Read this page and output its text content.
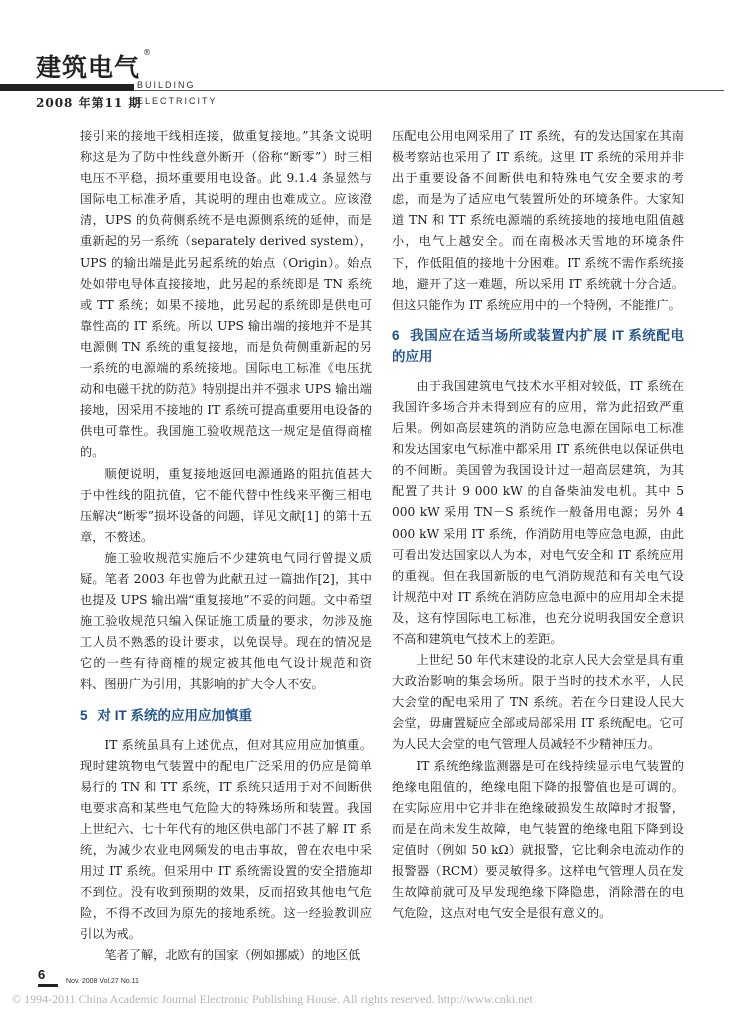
建筑电气®
BUILDING
ELECTRICITY
2008 年第11 期

接引来的接地干线相连接，做重复接地。”其条文说明称这是为了防中性线意外断开（俗称“断零”）时三相电压不平稳，损坏重要用电设备。此 9.1.4 条显然与国际电工标准矛盾，其说明的理由也难成立。应该澄清，UPS 的负荷侧系统不是电源侧系统的延伸，而是重新起的另一系统（separately derived system），UPS 的输出端是此另起系统的始点（Origin）。始点处如带电导体直接接地，此另起的系统即是 TN 系统或 TT 系统；如果不接地，此另起的系统即是供电可靠性高的 IT 系统。所以 UPS 输出端的接地并不是其电源侧 TN 系统的重复接地，而是负荷侧重新起的另一系统的电源端的系统接地。国际电工标准《电压扰动和电磁干扰的防范》特别提出并不强求 UPS 输出端接地，因采用不接地的 IT 系统可提高重要用电设备的供电可靠性。我国施工验收规范这一规定是值得商榷的。

顺便说明，重复接地返回电源通路的阻抗值甚大于中性线的阻抗值，它不能代替中性线来平衡三相电压解决“断零”损坏设备的问题，详见文献[1] 的第十五章，不赘述。

施工验收规范实施后不少建筑电气同行曾提义质疑。笔者 2003 年也曾为此献丑过一篇拙作[2]，其中也提及 UPS 输出端“重复接地”不妥的问题。文中希望施工验收规范只编入保证施工质量的要求，勿涉及施工人员不熟悉的设计要求，以免误导。现在的情况是它的一些有待商榷的规定被其他电气设计规范和资料、图册广为引用，其影响的扩大令人不安。

5 对 IT 系统的应用应加慎重

IT 系统虽具有上述优点，但对其应用应加慎重。现时建筑物电气装置中的配电广泛采用的仍应是简单易行的 TN 和 TT 系统，IT 系统只适用于对不间断供电要求高和某些电气危险大的特殊场所和装置。我国上世纪六、七十年代有的地区供电部门不甚了解 IT 系统，为减少农业电网频发的电击事故，曾在农电中采用过 IT 系统。但采用中 IT 系统需设置的安全措施却不到位。没有收到预期的效果，反而招致其他电气危险，不得不改回为原先的接地系统。这一经验教训应引以为戒。

笔者了解，北欧有的国家（例如挪威）的地区低

压配电公用电网采用了 IT 系统，有的发达国家在其南极考察站也采用了 IT 系统。这里 IT 系统的采用并非出于重要设备不间断供电和特殊电气安全要求的考虑，而是为了适应电气装置所处的环境条件。大家知道 TN 和 TT 系统电源端的系统接地的接地电阻值越小，电气上越安全。而在南极冰天雪地的环境条件下，作低阻值的接地十分困难。IT 系统不需作系统接地，避开了这一难题，所以采用 IT 系统就十分合适。但这只能作为 IT 系统应用中的一个特例，不能推广。

6 我国应在适当场所或装置内扩展 IT 系统配电的应用

由于我国建筑电气技术水平相对较低，IT 系统在我国许多场合并未得到应有的应用，常为此招致严重后果。例如高层建筑的消防应急电源在国际电工标准和发达国家电气标准中都采用 IT 系统供电以保证供电的不间断。美国曾为我国设计过一超高层建筑，为其配置了共计 9 000 kW 的自备柴油发电机。其中 5 000 kW 采用 TN－S 系统作一般备用电源；另外 4 000 kW 采用 IT 系统，作消防用电等应急电源，由此可看出发达国家以人为本，对电气安全和 IT 系统应用的重视。但在我国新版的电气消防规范和有关电气设计规范中对 IT 系统在消防应急电源中的应用却全未提及，这有悖国际电工标准，也充分说明我国安全意识不高和建筑电气技术上的差距。

上世纪 50 年代末建设的北京人民大会堂是具有重大政治影响的集会场所。限于当时的技术水平，人民大会堂的配电采用了 TN 系统。若在今日建设人民大会堂，毋庸置疑应全部或局部采用 IT 系统配电。它可为人民大会堂的电气管理人员减轻不少精神压力。

IT 系统绝缘监测器是可在线持续显示电气装置的绝缘电阻值的，绝缘电阻下降的报警值也是可调的。在实际应用中它并非在绝缘破损发生故障时才报警，而是在尚未发生故障，电气装置的绝缘电阻下降到设定值时（例如 50 kΩ）就报警，它比剩余电流动作的报警器（RCM）要灵敏得多。这样电气管理人员在发生故障前就可及早发现绝缘下降隐患，消除潜在的电气危险，这点对电气安全是很有意义的。

6	Nov. 2008 Vol.27 No.11
© 1994-2011 China Academic Journal Electronic Publishing House. All rights reserved. http://www.cnki.net
